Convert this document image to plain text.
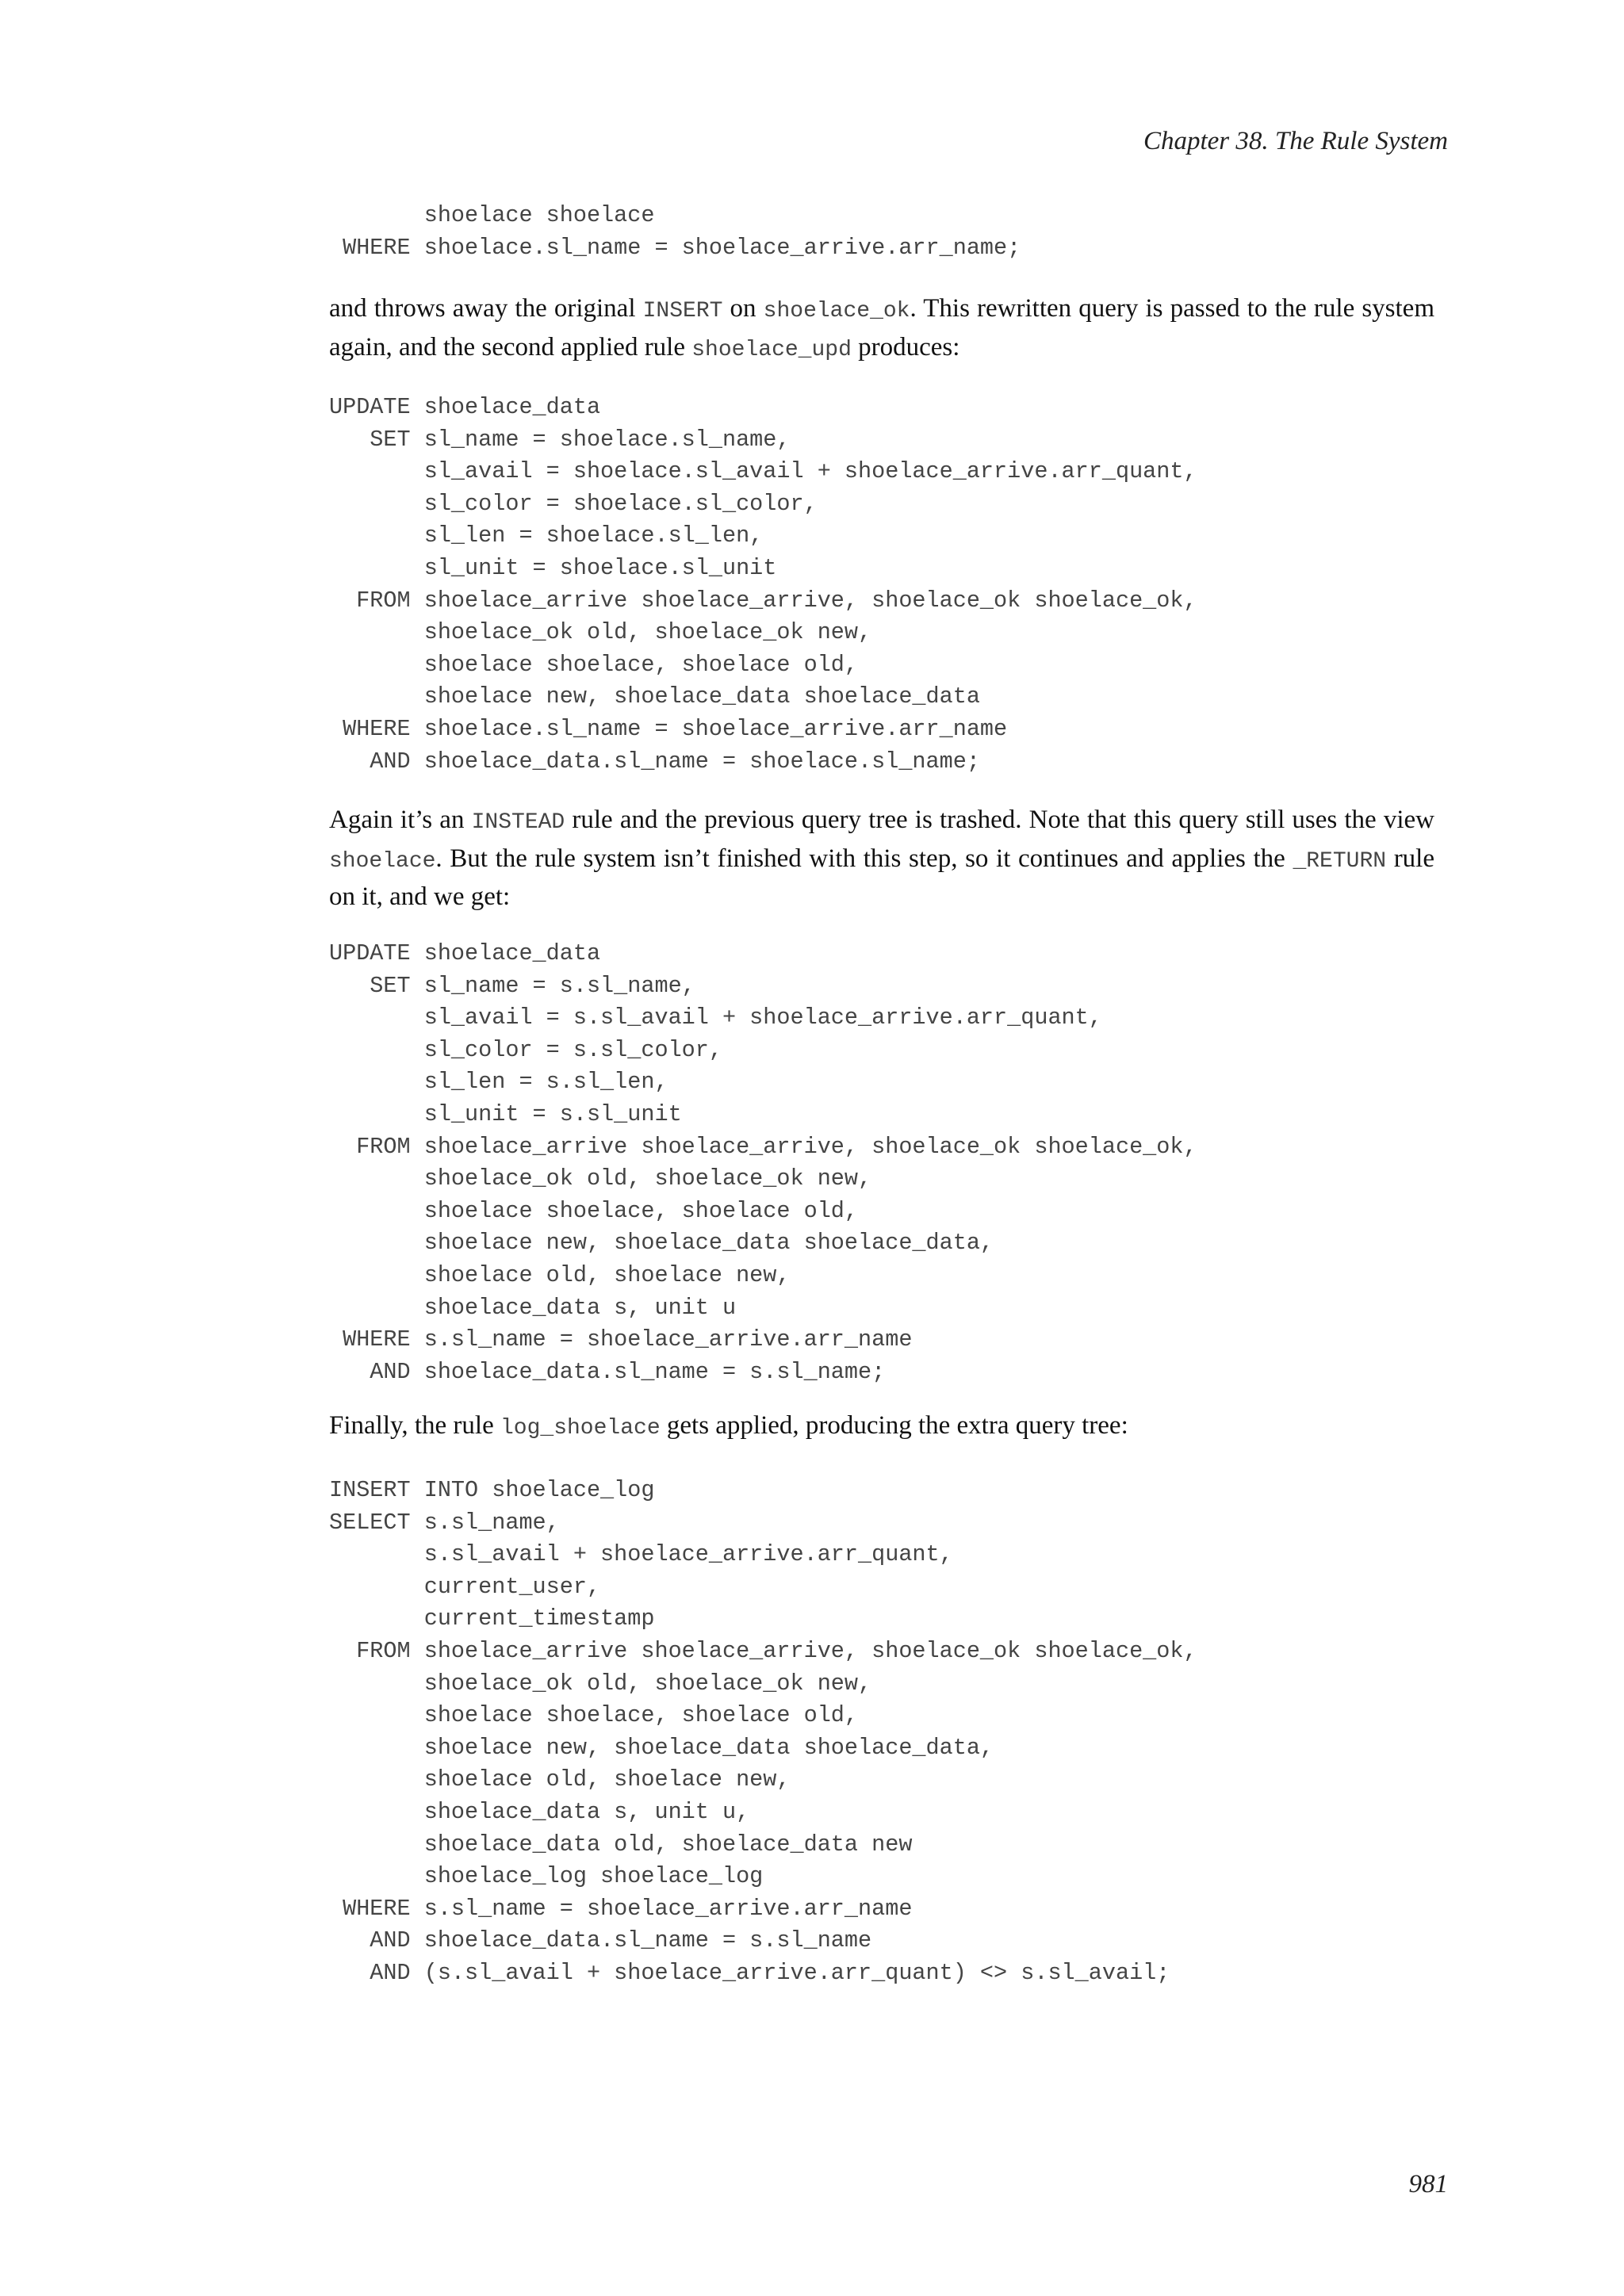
Chapter 38. The Rule System
shoelace shoelace
WHERE shoelace.sl_name = shoelace_arrive.arr_name;

and throws away the original INSERT on shoelace_ok. This rewritten query is passed to the rule system again, and the second applied rule shoelace_upd produces:

UPDATE shoelace_data
SET sl_name = shoelace.sl_name,
sl_avail = shoelace.sl_avail + shoelace_arrive.arr_quant,
sl_color = shoelace.sl_color,
sl_len = shoelace.sl_len,
sl_unit = shoelace.sl_unit
FROM shoelace_arrive shoelace_arrive, shoelace_ok shoelace_ok,
shoelace_ok old, shoelace_ok new,
shoelace shoelace, shoelace old,
shoelace new, shoelace_data shoelace_data
WHERE shoelace.sl_name = shoelace_arrive.arr_name
AND shoelace_data.sl_name = shoelace.sl_name;

Again it’s an INSTEAD rule and the previous query tree is trashed. Note that this query still uses the view shoelace. But the rule system isn’t finished with this step, so it continues and applies the _RETURN rule on it, and we get:

UPDATE shoelace_data
SET sl_name = s.sl_name,
sl_avail = s.sl_avail + shoelace_arrive.arr_quant,
sl_color = s.sl_color,
sl_len = s.sl_len,
sl_unit = s.sl_unit
FROM shoelace_arrive shoelace_arrive, shoelace_ok shoelace_ok,
shoelace_ok old, shoelace_ok new,
shoelace shoelace, shoelace old,
shoelace new, shoelace_data shoelace_data,
shoelace old, shoelace new,
shoelace_data s, unit u
WHERE s.sl_name = shoelace_arrive.arr_name
AND shoelace_data.sl_name = s.sl_name;

Finally, the rule log_shoelace gets applied, producing the extra query tree:

INSERT INTO shoelace_log
SELECT s.sl_name,
s.sl_avail + shoelace_arrive.arr_quant,
current_user,
current_timestamp
FROM shoelace_arrive shoelace_arrive, shoelace_ok shoelace_ok,
shoelace_ok old, shoelace_ok new,
shoelace shoelace, shoelace old,
shoelace new, shoelace_data shoelace_data,
shoelace old, shoelace new,
shoelace_data s, unit u,
shoelace_data old, shoelace_data new
shoelace_log shoelace_log
WHERE s.sl_name = shoelace_arrive.arr_name
AND shoelace_data.sl_name = s.sl_name
AND (s.sl_avail + shoelace_arrive.arr_quant) <> s.sl_avail;
981
